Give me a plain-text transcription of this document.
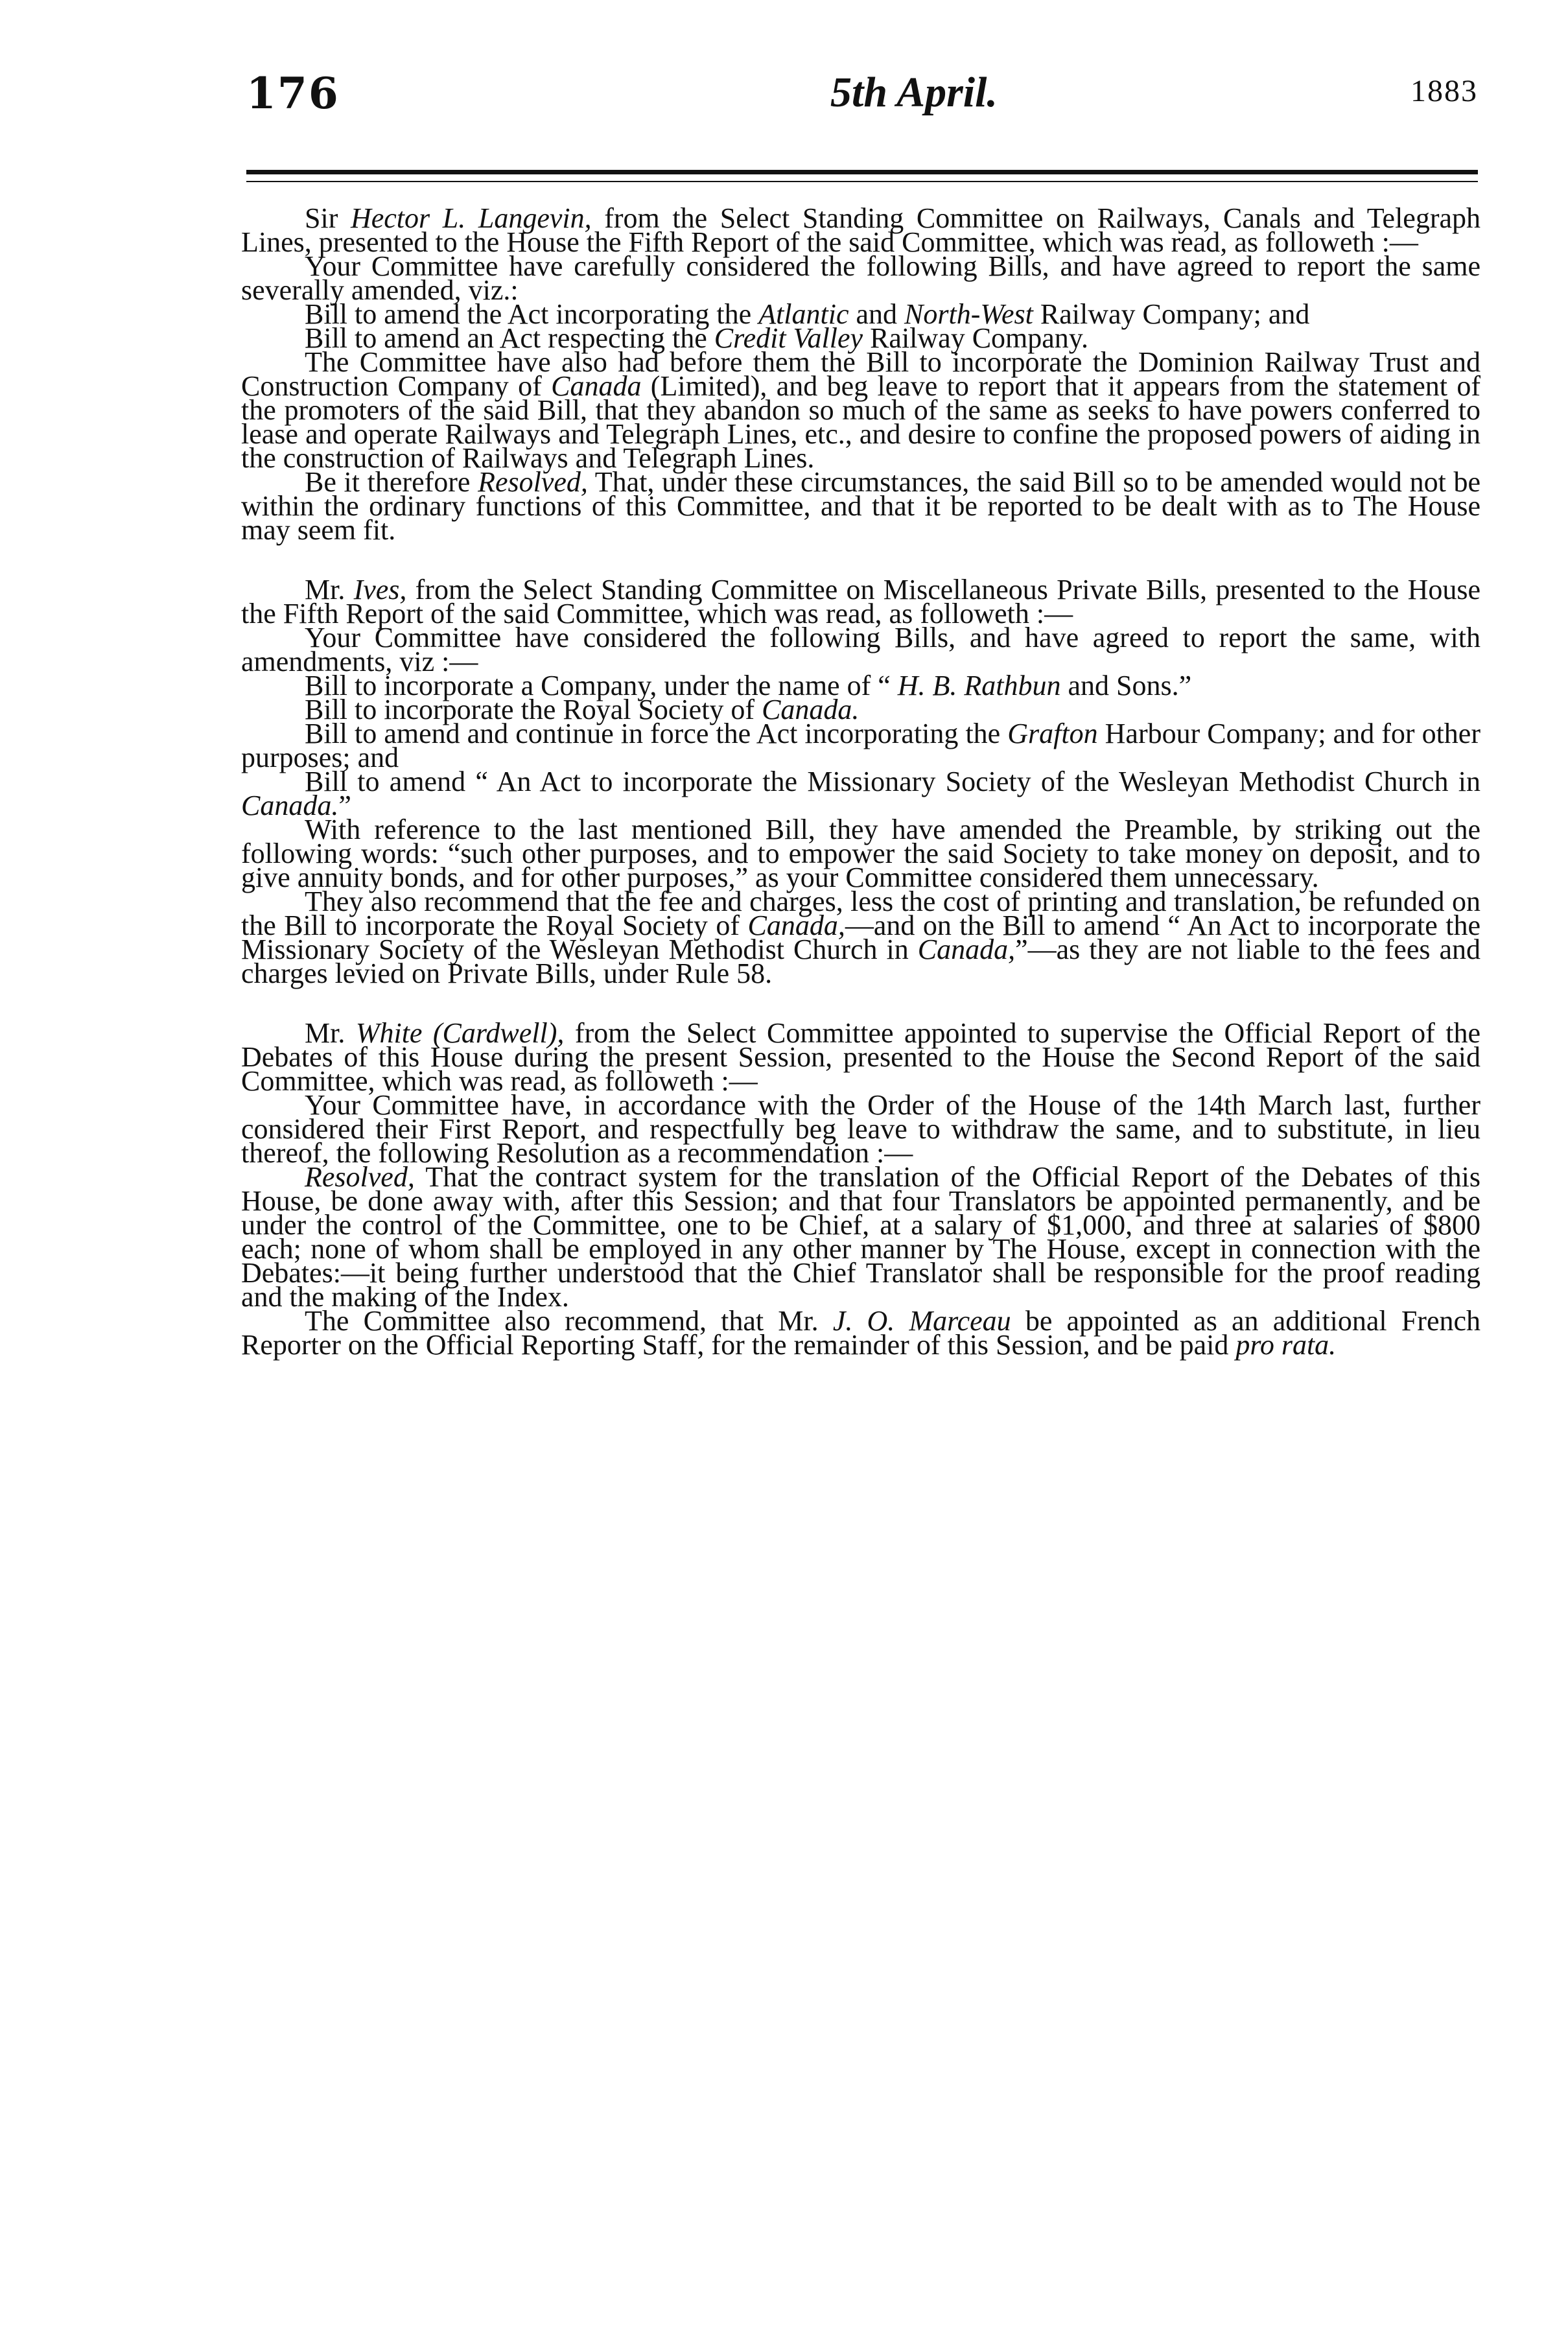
176	5th April.	1883

Sir Hector L. Langevin, from the Select Standing Committee on Railways, Canals and Telegraph Lines, presented to the House the Fifth Report of the said Committee, which was read, as followeth :—

Your Committee have carefully considered the following Bills, and have agreed to report the same severally amended, viz.:

Bill to amend the Act incorporating the Atlantic and North-West Railway Company; and

Bill to amend an Act respecting the Credit Valley Railway Company.

The Committee have also had before them the Bill to incorporate the Dominion Railway Trust and Construction Company of Canada (Limited), and beg leave to report that it appears from the statement of the promoters of the said Bill, that they abandon so much of the same as seeks to have powers conferred to lease and operate Railways and Telegraph Lines, etc., and desire to confine the proposed powers of aiding in the construction of Railways and Telegraph Lines.

Be it therefore Resolved, That, under these circumstances, the said Bill so to be amended would not be within the ordinary functions of this Committee, and that it be reported to be dealt with as to The House may seem fit.

Mr. Ives, from the Select Standing Committee on Miscellaneous Private Bills, presented to the House the Fifth Report of the said Committee, which was read, as followeth :—

Your Committee have considered the following Bills, and have agreed to report the same, with amendments, viz :—

Bill to incorporate a Company, under the name of “ H. B. Rathbun and Sons.”

Bill to incorporate the Royal Society of Canada.

Bill to amend and continue in force the Act incorporating the Grafton Harbour Company; and for other purposes; and

Bill to amend “ An Act to incorporate the Missionary Society of the Wesleyan Methodist Church in Canada.”

With reference to the last mentioned Bill, they have amended the Preamble, by striking out the following words: “such other purposes, and to empower the said Society to take money on deposit, and to give annuity bonds, and for other purposes,” as your Committee considered them unnecessary.

They also recommend that the fee and charges, less the cost of printing and translation, be refunded on the Bill to incorporate the Royal Society of Canada,—and on the Bill to amend “ An Act to incorporate the Missionary Society of the Wesleyan Methodist Church in Canada,”—as they are not liable to the fees and charges levied on Private Bills, under Rule 58.

Mr. White (Cardwell), from the Select Committee appointed to supervise the Official Report of the Debates of this House during the present Session, presented to the House the Second Report of the said Committee, which was read, as followeth :—

Your Committee have, in accordance with the Order of the House of the 14th March last, further considered their First Report, and respectfully beg leave to withdraw the same, and to substitute, in lieu thereof, the following Resolution as a recommendation :—

Resolved, That the contract system for the translation of the Official Report of the Debates of this House, be done away with, after this Session; and that four Translators be appointed permanently, and be under the control of the Committee, one to be Chief, at a salary of $1,000, and three at salaries of $800 each; none of whom shall be employed in any other manner by The House, except in connection with the Debates:—it being further understood that the Chief Translator shall be responsible for the proof reading and the making of the Index.

The Committee also recommend, that Mr. J. O. Marceau be appointed as an additional French Reporter on the Official Reporting Staff, for the remainder of this Session, and be paid pro rata.
